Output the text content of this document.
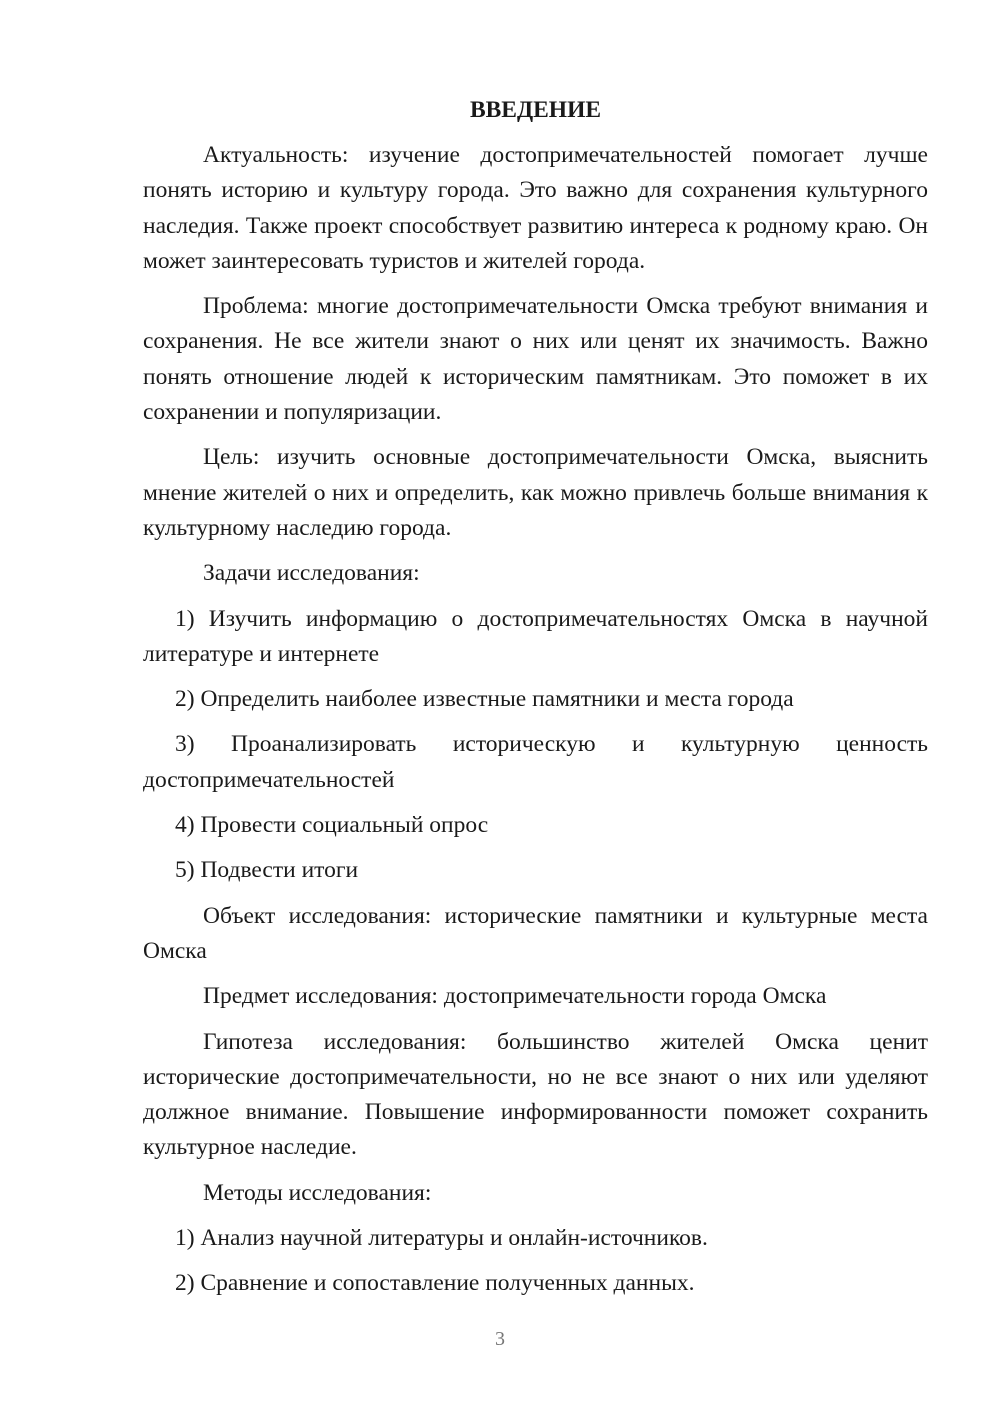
ВВЕДЕНИЕ

Актуальность: изучение достопримечательностей помогает лучше понять историю и культуру города. Это важно для сохранения культурного наследия. Также проект способствует развитию интереса к родному краю. Он может заинтересовать туристов и жителей города.

Проблема: многие достопримечательности Омска требуют внимания и сохранения. Не все жители знают о них или ценят их значимость. Важно понять отношение людей к историческим памятникам. Это поможет в их сохранении и популяризации.

Цель: изучить основные достопримечательности Омска, выяснить мнение жителей о них и определить, как можно привлечь больше внимания к культурному наследию города.

Задачи исследования:

1) Изучить информацию о достопримечательностях Омска в научной литературе и интернете

2) Определить наиболее известные памятники и места города

3) Проанализировать историческую и культурную ценность достопримечательностей

4) Провести социальный опрос

5) Подвести итоги

Объект исследования: исторические памятники и культурные места Омска

Предмет исследования: достопримечательности города Омска

Гипотеза исследования: большинство жителей Омска ценит исторические достопримечательности, но не все знают о них или уделяют должное внимание. Повышение информированности поможет сохранить культурное наследие.

Методы исследования:

1) Анализ научной литературы и онлайн-источников.

2) Сравнение и сопоставление полученных данных.

3
